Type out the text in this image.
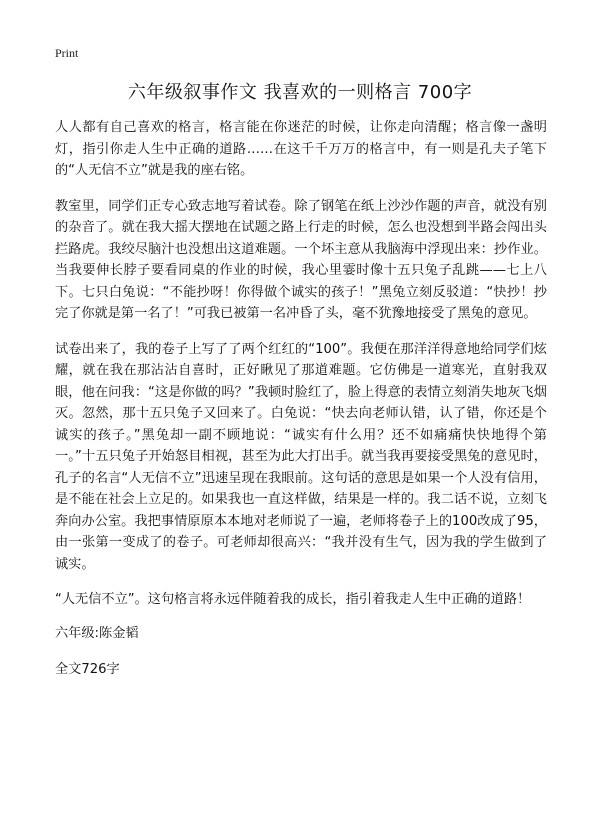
Print
六年级叙事作文 我喜欢的一则格言 700字

人人都有自己喜欢的格言，格言能在你迷茫的时候，让你走向清醒；格言像一盏明灯，指引你走人生中正确的道路……在这千千万万的格言中，有一则是孔夫子笔下的“人无信不立”就是我的座右铭。

教室里，同学们正专心致志地写着试卷。除了钢笔在纸上沙沙作题的声音，就没有别的杂音了。就在我大摇大摆地在试题之路上行走的时候，怎么也没想到半路会闯出头拦路虎。我绞尽脑汁也没想出这道难题。一个坏主意从我脑海中浮现出来：抄作业。当我要伸长脖子要看同桌的作业的时候，我心里霎时像十五只兔子乱跳——七上八下。七只白兔说：“不能抄呀！你得做个诚实的孩子！”黑兔立刻反驳道：“快抄！抄完了你就是第一名了！”可我已被第一名冲昏了头，毫不犹豫地接受了黑兔的意见。

试卷出来了，我的卷子上写了了两个红红的“100”。我便在那洋洋得意地给同学们炫耀，就在我在那沾沾自喜时，正好瞅见了那道难题。它仿佛是一道寒光，直射我双眼，他在问我：“这是你做的吗？”我顿时脸红了，脸上得意的表情立刻消失地灰飞烟灭。忽然，那十五只兔子又回来了。白兔说：“快去向老师认错，认了错，你还是个诚实的孩子。”黑兔却一副不顾地说：“诚实有什么用？还不如痛痛快快地得个第一。”十五只兔子开始怒目相视，甚至为此大打出手。就当我再要接受黑兔的意见时，孔子的名言“人无信不立”迅速呈现在我眼前。这句话的意思是如果一个人没有信用，是不能在社会上立足的。如果我也一直这样做，结果是一样的。我二话不说，立刻飞奔向办公室。我把事情原原本本地对老师说了一遍，老师将卷子上的100改成了95，由一张第一变成了的卷子。可老师却很高兴：“我并没有生气，因为我的学生做到了诚实。

“人无信不立”。这句格言将永远伴随着我的成长，指引着我走人生中正确的道路！

六年级:陈金韬

全文726字
